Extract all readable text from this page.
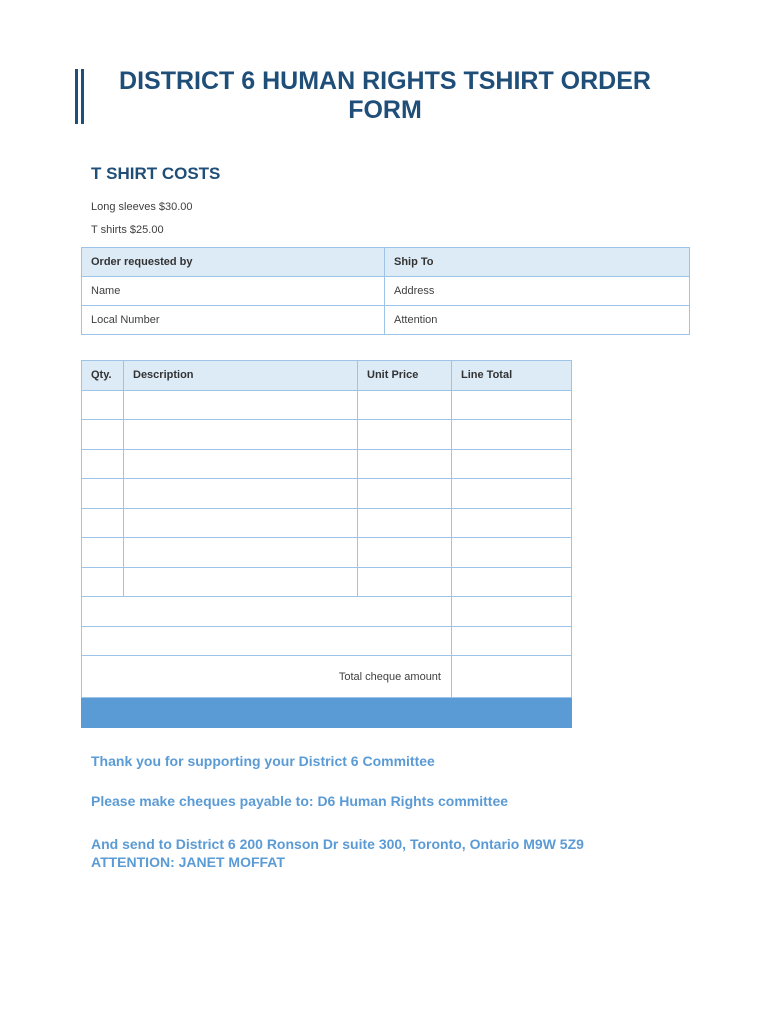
DISTRICT 6 HUMAN RIGHTS TSHIRT ORDER FORM
T SHIRT COSTS
Long sleeves $30.00
T shirts $25.00
Order requested by	Ship To
Name	Address
Local Number	Attention
Qty.	Description	Unit Price	Line Total

Total cheque amount			

Thank you for supporting your District 6 Committee

Please make cheques payable to: D6 Human Rights committee

And send to District 6 200 Ronson Dr suite 300, Toronto, Ontario M9W 5Z9
ATTENTION: JANET MOFFAT
